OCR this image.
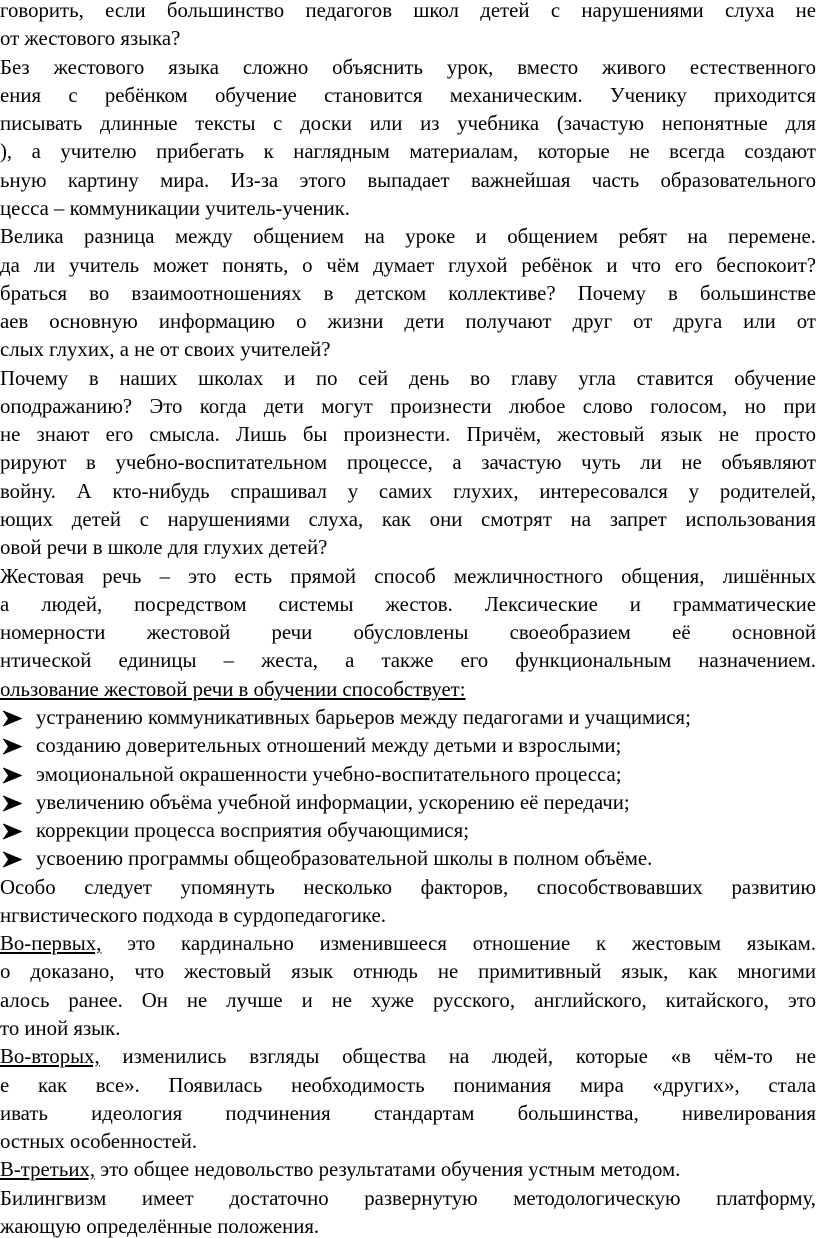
говорить, если большинство педагогов школ детей с нарушениями слуха не
от жестового языка?
Без жестового языка сложно объяснить урок, вместо живого естественного
ения с ребёнком обучение становится механическим. Ученику приходится
писывать длинные тексты с доски или из учебника (зачастую непонятные для
), а учителю прибегать к наглядным материалам, которые не всегда создают
ьную картину мира. Из-за этого выпадает важнейшая часть образовательного
цесса – коммуникации учитель-ученик.
Велика разница между общением на уроке и общением ребят на перемене.
да ли учитель может понять, о чём думает глухой ребёнок и что его беспокоит?
браться во взаимоотношениях в детском коллективе? Почему в большинстве
аев основную информацию о жизни дети получают друг от друга или от
слых глухих, а не от своих учителей?
Почему в наших школах и по сей день во главу угла ставится обучение
оподражанию? Это когда дети могут произнести любое слово голосом, но при
не знают его смысла. Лишь бы произнести. Причём, жестовый язык не просто
рируют в учебно-воспитательном процессе, а зачастую чуть ли не объявляют
войну. А кто-нибудь спрашивал у самих глухих, интересовался у родителей,
ющих детей с нарушениями слуха, как они смотрят на запрет использования
овой речи в школе для глухих детей?
Жестовая речь – это есть прямой способ межличностного общения, лишённых
а людей, посредством системы жестов. Лексические и грамматические
номерности жестовой речи обусловлены своеобразием её основной
нтической единицы – жеста, а также его функциональным назначением.
ользование жестовой речи в обучении способствует:
устранению коммуникативных барьеров между педагогами и учащимися;
созданию доверительных отношений между детьми и взрослыми;
эмоциональной окрашенности учебно-воспитательного процесса;
увеличению объёма учебной информации, ускорению её передачи;
коррекции процесса восприятия обучающимися;
усвоению программы общеобразовательной школы в полном объёме.
Особо следует упомянуть несколько факторов, способствовавших развитию
нгвистического подхода в сурдопедагогике.
Во-первых, это кардинально изменившееся отношение к жестовым языкам.
о доказано, что жестовый язык отнюдь не примитивный язык, как многими
алось ранее. Он не лучше и не хуже русского, английского, китайского, это
то иной язык.
Во-вторых, изменились взгляды общества на людей, которые «в чём-то не
е как все». Появилась необходимость понимания мира «других», стала
ивать идеология подчинения стандартам большинства, нивелирования
остных особенностей.
В-третьих, это общее недовольство результатами обучения устным методом.
Билингвизм имеет достаточно развернутую методологическую платформу,
жающую определённые положения.
